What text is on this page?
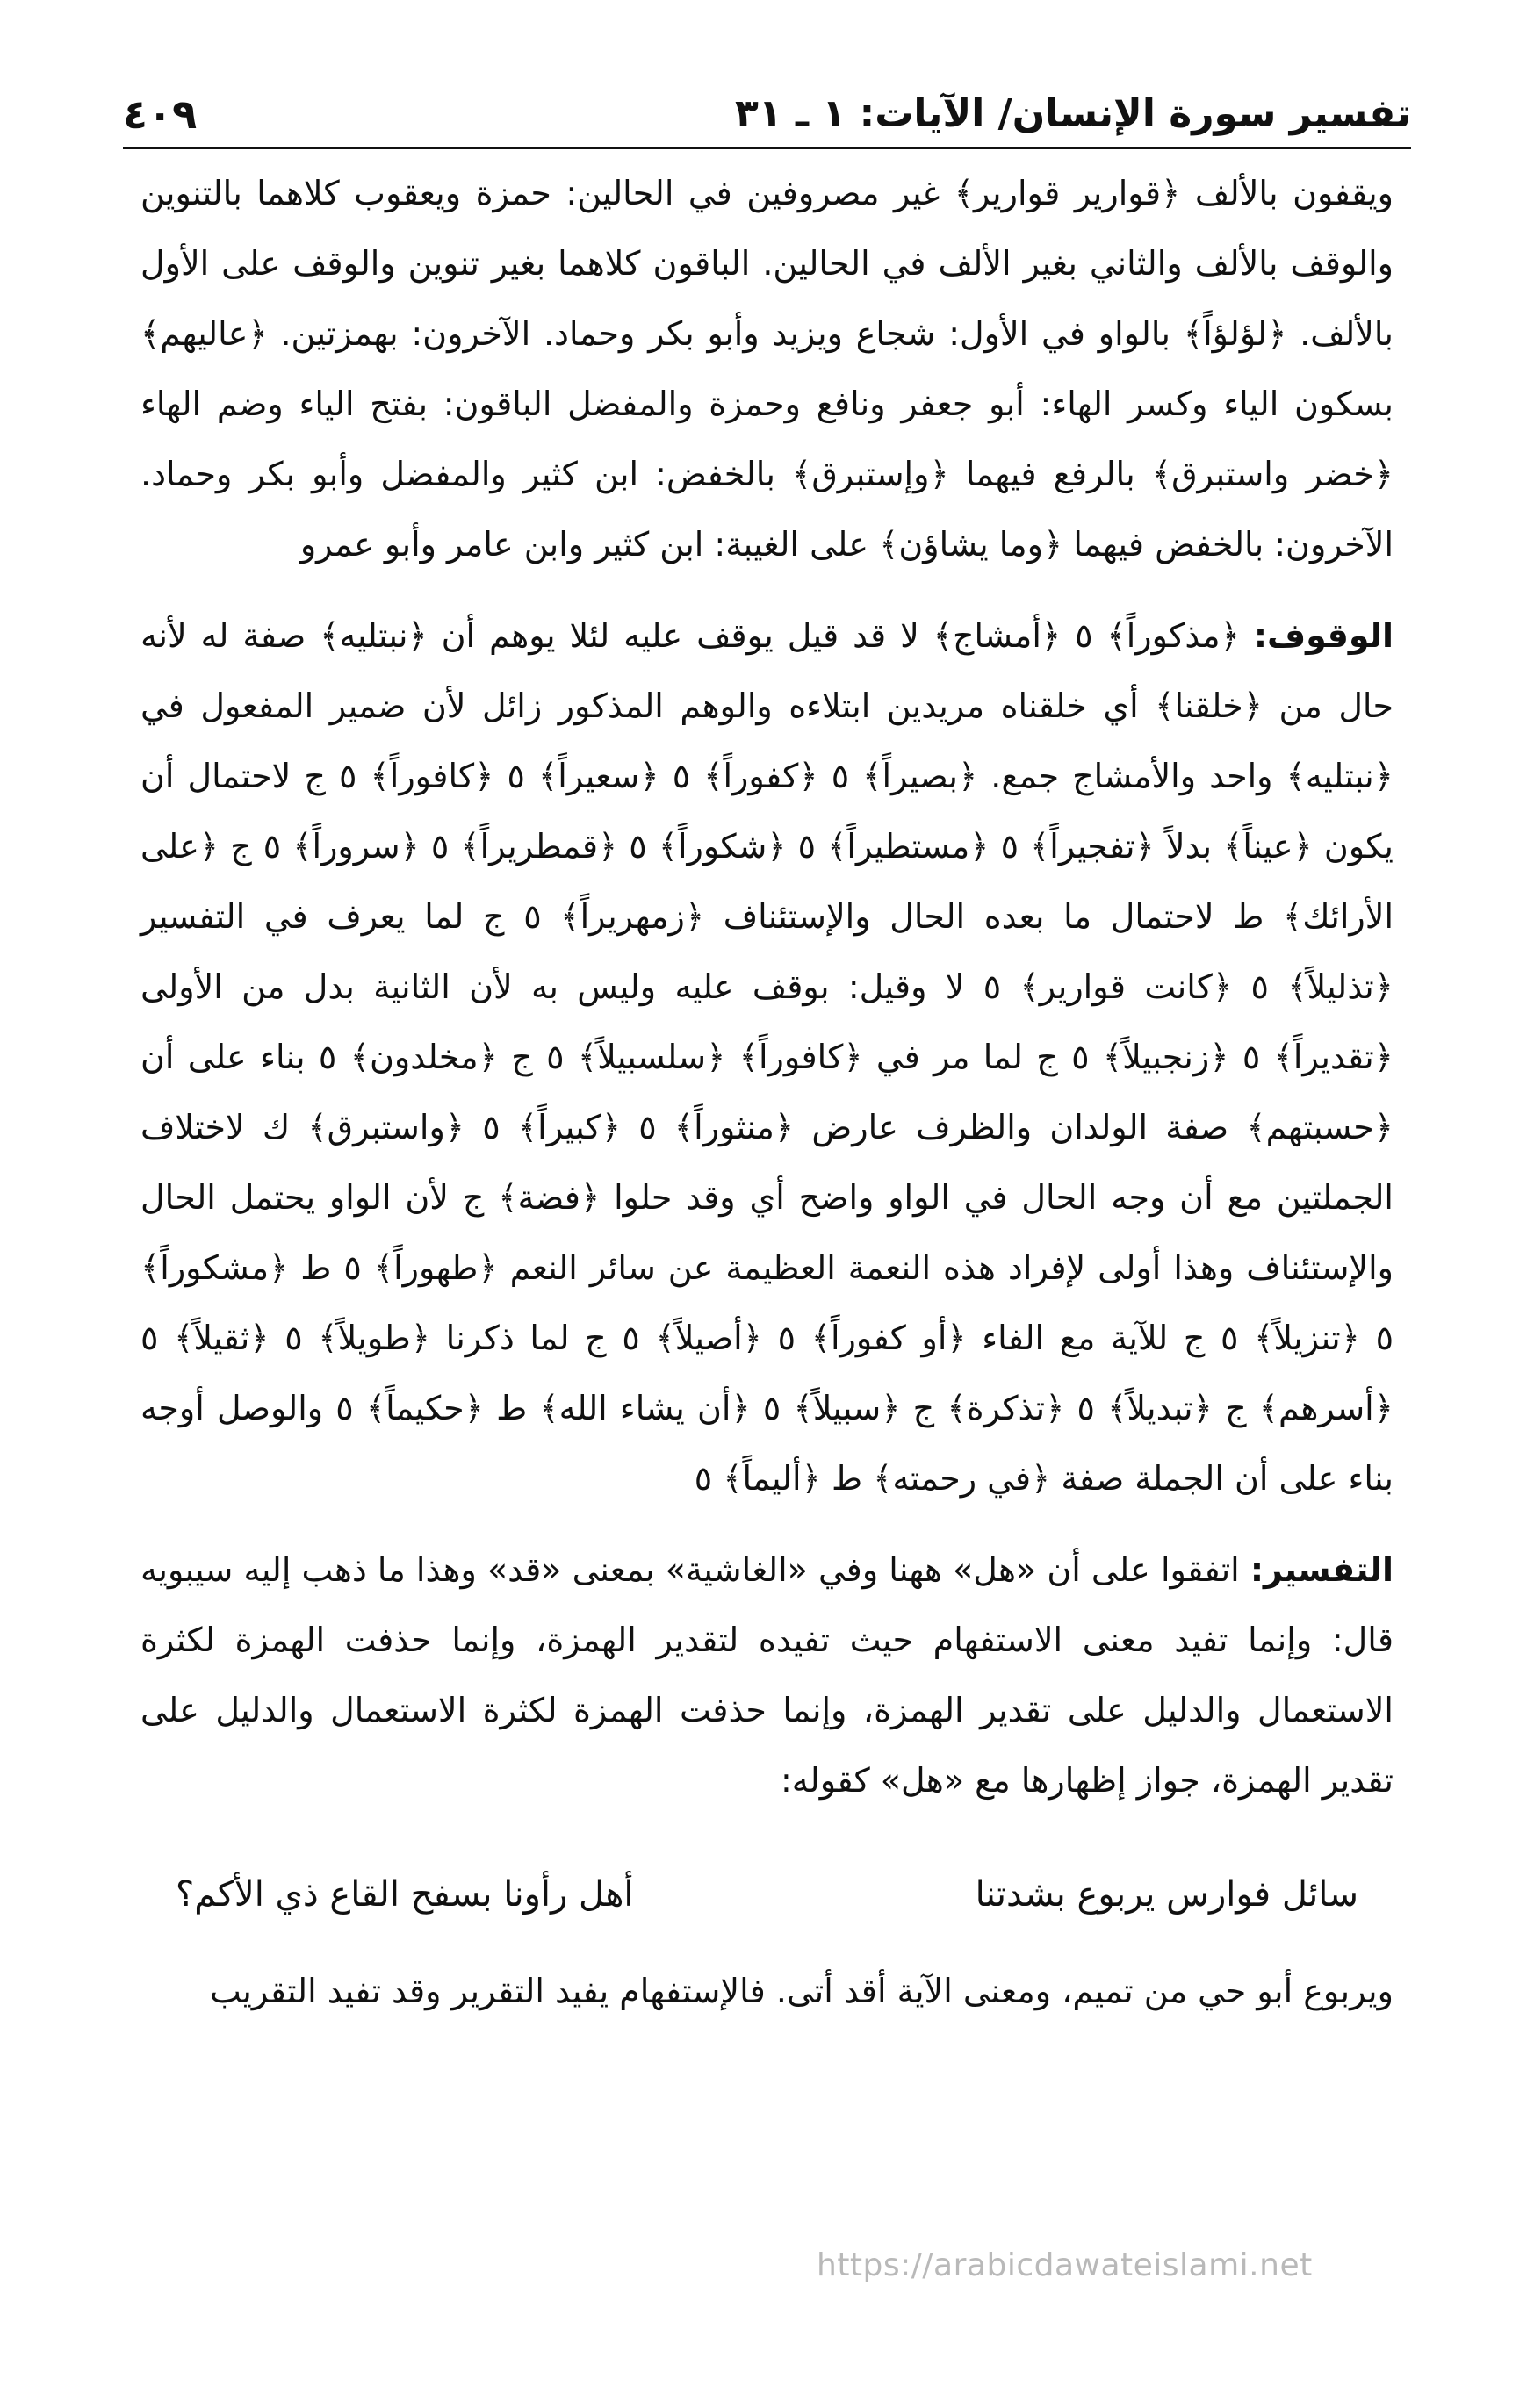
تفسير سورة الإنسان/ الآيات: ١ ـ ٣١
٤٠٩

ويقفون بالألف ﴿قوارير قوارير﴾ غير مصروفين في الحالين: حمزة ويعقوب كلاهما بالتنوين والوقف بالألف والثاني بغير الألف في الحالين. الباقون كلاهما بغير تنوين والوقف على الأول بالألف. ﴿لؤلؤاً﴾ بالواو في الأول: شجاع ويزيد وأبو بكر وحماد. الآخرون: بهمزتين. ﴿عاليهم﴾ بسكون الياء وكسر الهاء: أبو جعفر ونافع وحمزة والمفضل الباقون: بفتح الياء وضم الهاء ﴿خضر واستبرق﴾ بالرفع فيهما ﴿وإستبرق﴾ بالخفض: ابن كثير والمفضل وأبو بكر وحماد. الآخرون: بالخفض فيهما ﴿وما يشاؤن﴾ على الغيبة: ابن كثير وابن عامر وأبو عمرو

الوقوف: ﴿مذكوراً﴾ ٥ ﴿أمشاج﴾ لا قد قيل يوقف عليه لئلا يوهم أن ﴿نبتليه﴾ صفة له لأنه حال من ﴿خلقنا﴾ أي خلقناه مريدين ابتلاءه والوهم المذكور زائل لأن ضمير المفعول في ﴿نبتليه﴾ واحد والأمشاج جمع. ﴿بصيراً﴾ ٥ ﴿كفوراً﴾ ٥ ﴿سعيراً﴾ ٥ ﴿كافوراً﴾ ٥ ج لاحتمال أن يكون ﴿عيناً﴾ بدلاً ﴿تفجيراً﴾ ٥ ﴿مستطيراً﴾ ٥ ﴿شكوراً﴾ ٥ ﴿قمطريراً﴾ ٥ ﴿سروراً﴾ ٥ ج ﴿على الأرائك﴾ ط لاحتمال ما بعده الحال والإستئناف ﴿زمهريراً﴾ ٥ ج لما يعرف في التفسير ﴿تذليلاً﴾ ٥ ﴿كانت قوارير﴾ ٥ لا وقيل: بوقف عليه وليس به لأن الثانية بدل من الأولى ﴿تقديراً﴾ ٥ ﴿زنجبيلاً﴾ ٥ ج لما مر في ﴿كافوراً﴾ ﴿سلسبيلاً﴾ ٥ ج ﴿مخلدون﴾ ٥ بناء على أن ﴿حسبتهم﴾ صفة الولدان والظرف عارض ﴿منثوراً﴾ ٥ ﴿كبيراً﴾ ٥ ﴿واستبرق﴾ ك لاختلاف الجملتين مع أن وجه الحال في الواو واضح أي وقد حلوا ﴿فضة﴾ ج لأن الواو يحتمل الحال والإستئناف وهذا أولى لإفراد هذه النعمة العظيمة عن سائر النعم ﴿طهوراً﴾ ٥ ط ﴿مشكوراً﴾ ٥ ﴿تنزيلاً﴾ ٥ ج للآية مع الفاء ﴿أو كفوراً﴾ ٥ ﴿أصيلاً﴾ ٥ ج لما ذكرنا ﴿طويلاً﴾ ٥ ﴿ثقيلاً﴾ ٥ ﴿أسرهم﴾ ج ﴿تبديلاً﴾ ٥ ﴿تذكرة﴾ ج ﴿سبيلاً﴾ ٥ ﴿أن يشاء الله﴾ ط ﴿حكيماً﴾ ٥ والوصل أوجه بناء على أن الجملة صفة ﴿في رحمته﴾ ط ﴿أليماً﴾ ٥

التفسير: اتفقوا على أن «هل» ههنا وفي «الغاشية» بمعنى «قد» وهذا ما ذهب إليه سيبويه قال: وإنما تفيد معنى الاستفهام حيث تفيده لتقدير الهمزة، وإنما حذفت الهمزة لكثرة الاستعمال والدليل على تقدير الهمزة، وإنما حذفت الهمزة لكثرة الاستعمال والدليل على تقدير الهمزة، جواز إظهارها مع «هل» كقوله:

سائل فوارس يربوع بشدتنا
أهل رأونا بسفح القاع ذي الأكم؟

ويربوع أبو حي من تميم، ومعنى الآية أقد أتى. فالإستفهام يفيد التقرير وقد تفيد التقريب

https://arabicdawateislami.net
